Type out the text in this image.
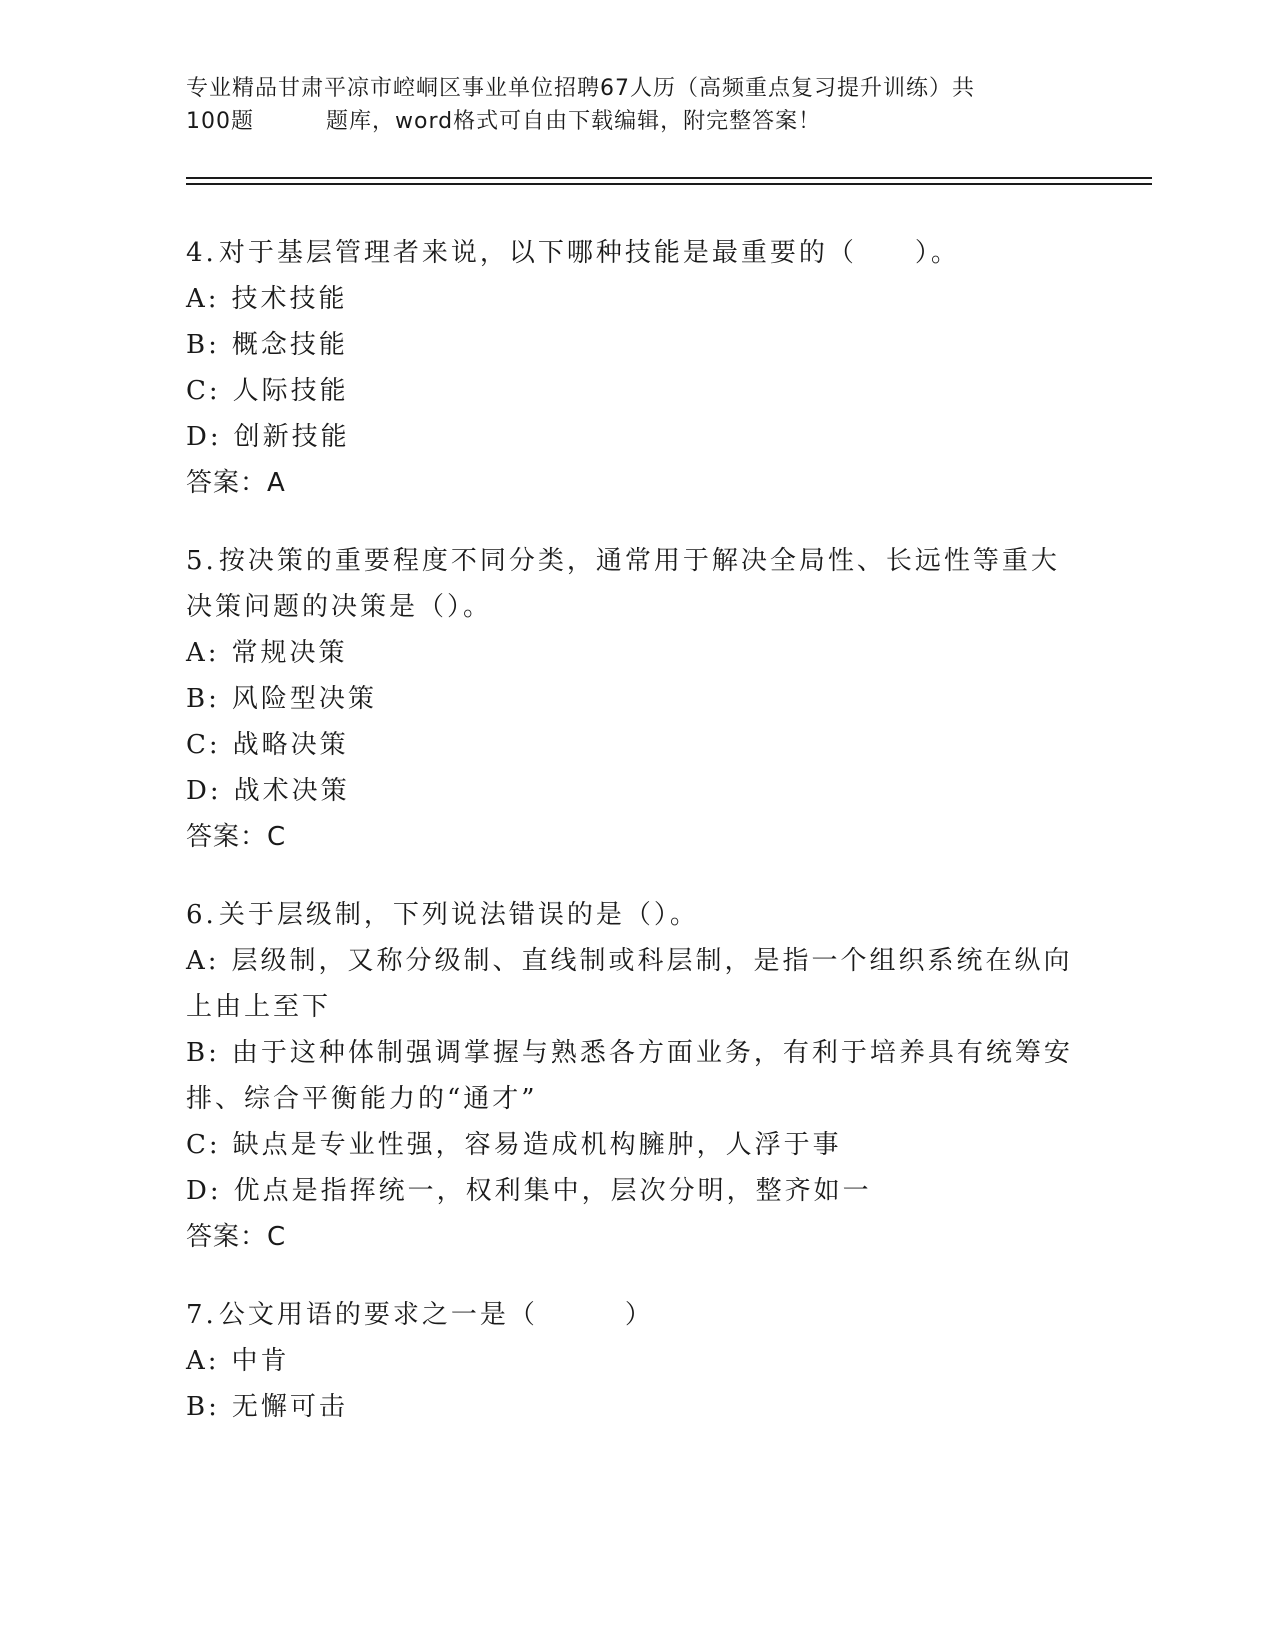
专业精品甘肃平凉市崆峒区事业单位招聘67人历（高频重点复习提升训练）共
100题	题库，word格式可自由下载编辑，附完整答案！
4.对于基层管理者来说，以下哪种技能是最重要的（　　）。
A: 技术技能
B: 概念技能
C: 人际技能
D: 创新技能
答案：A
5.按决策的重要程度不同分类，通常用于解决全局性、长远性等重大决策问题的决策是（）。
A: 常规决策
B: 风险型决策
C: 战略决策
D: 战术决策
答案：C
6.关于层级制，下列说法错误的是（）。
A: 层级制，又称分级制、直线制或科层制，是指一个组织系统在纵向上由上至下
B: 由于这种体制强调掌握与熟悉各方面业务，有利于培养具有统筹安排、综合平衡能力的“通才”
C: 缺点是专业性强，容易造成机构臃肿，人浮于事
D: 优点是指挥统一，权利集中，层次分明，整齐如一
答案：C
7.公文用语的要求之一是（　　　）
A: 中肯
B: 无懈可击
